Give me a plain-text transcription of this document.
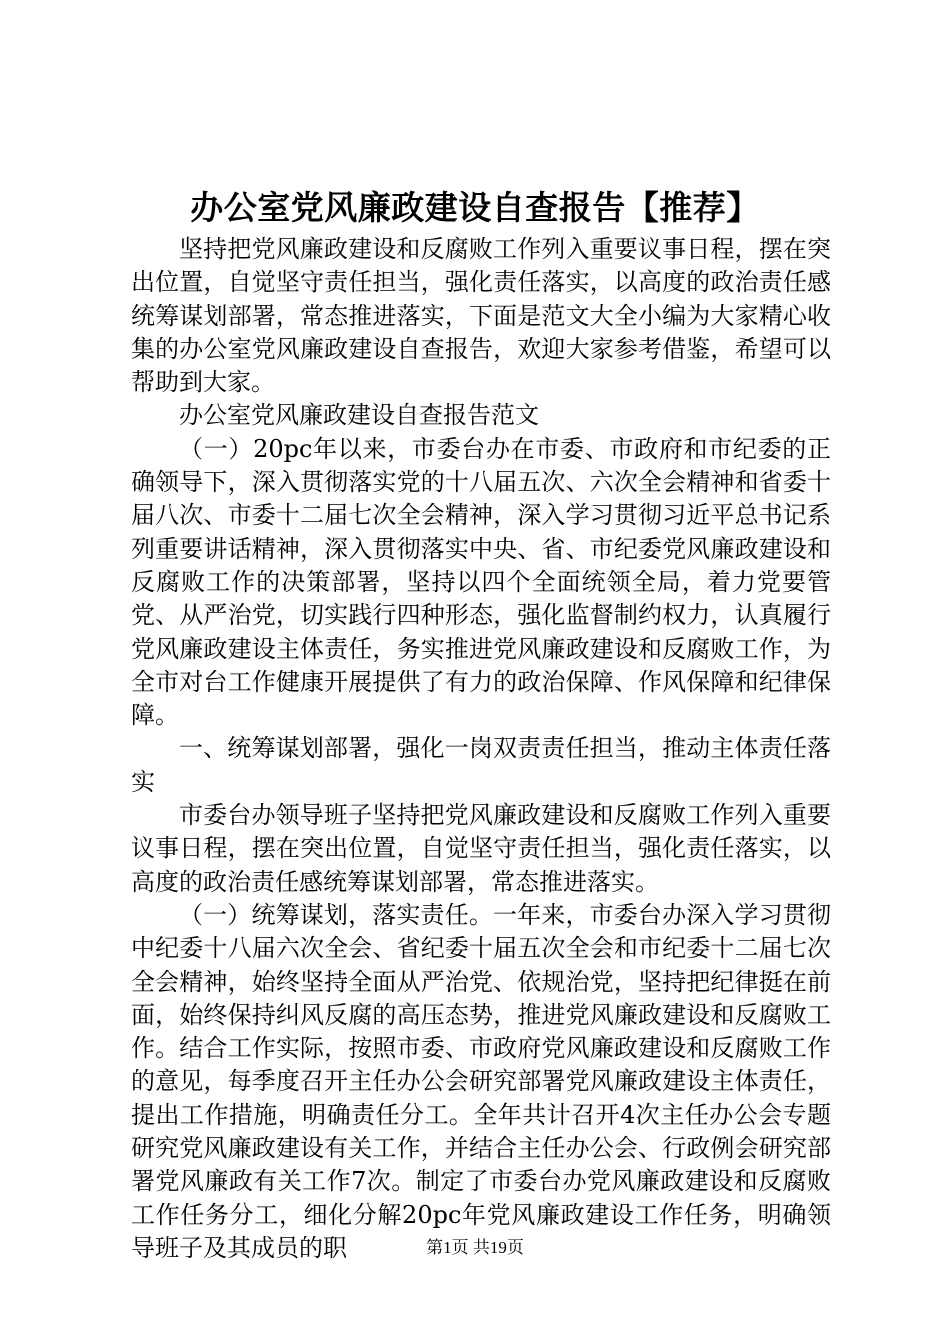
办公室党风廉政建设自查报告【推荐】

坚持把党风廉政建设和反腐败工作列入重要议事日程，摆在突出位置，自觉坚守责任担当，强化责任落实，以高度的政治责任感统筹谋划部署，常态推进落实，下面是范文大全小编为大家精心收集的办公室党风廉政建设自查报告，欢迎大家参考借鉴，希望可以帮助到大家。

办公室党风廉政建设自查报告范文

（一）20pc年以来，市委台办在市委、市政府和市纪委的正确领导下，深入贯彻落实党的十八届五次、六次全会精神和省委十届八次、市委十二届七次全会精神，深入学习贯彻习近平总书记系列重要讲话精神，深入贯彻落实中央、省、市纪委党风廉政建设和反腐败工作的决策部署，坚持以四个全面统领全局，着力党要管党、从严治党，切实践行四种形态，强化监督制约权力，认真履行党风廉政建设主体责任，务实推进党风廉政建设和反腐败工作，为全市对台工作健康开展提供了有力的政治保障、作风保障和纪律保障。

一、统筹谋划部署，强化一岗双责责任担当，推动主体责任落实

市委台办领导班子坚持把党风廉政建设和反腐败工作列入重要议事日程，摆在突出位置，自觉坚守责任担当，强化责任落实，以高度的政治责任感统筹谋划部署，常态推进落实。

（一）统筹谋划，落实责任。一年来，市委台办深入学习贯彻中纪委十八届六次全会、省纪委十届五次全会和市纪委十二届七次全会精神，始终坚持全面从严治党、依规治党，坚持把纪律挺在前面，始终保持纠风反腐的高压态势，推进党风廉政建设和反腐败工作。结合工作实际，按照市委、市政府党风廉政建设和反腐败工作的意见，每季度召开主任办公会研究部署党风廉政建设主体责任，提出工作措施，明确责任分工。全年共计召开4次主任办公会专题研究党风廉政建设有关工作，并结合主任办公会、行政例会研究部署党风廉政有关工作7次。制定了市委台办党风廉政建设和反腐败工作任务分工，细化分解20pc年党风廉政建设工作任务，明确领导班子及其成员的职	第1页 共19页
